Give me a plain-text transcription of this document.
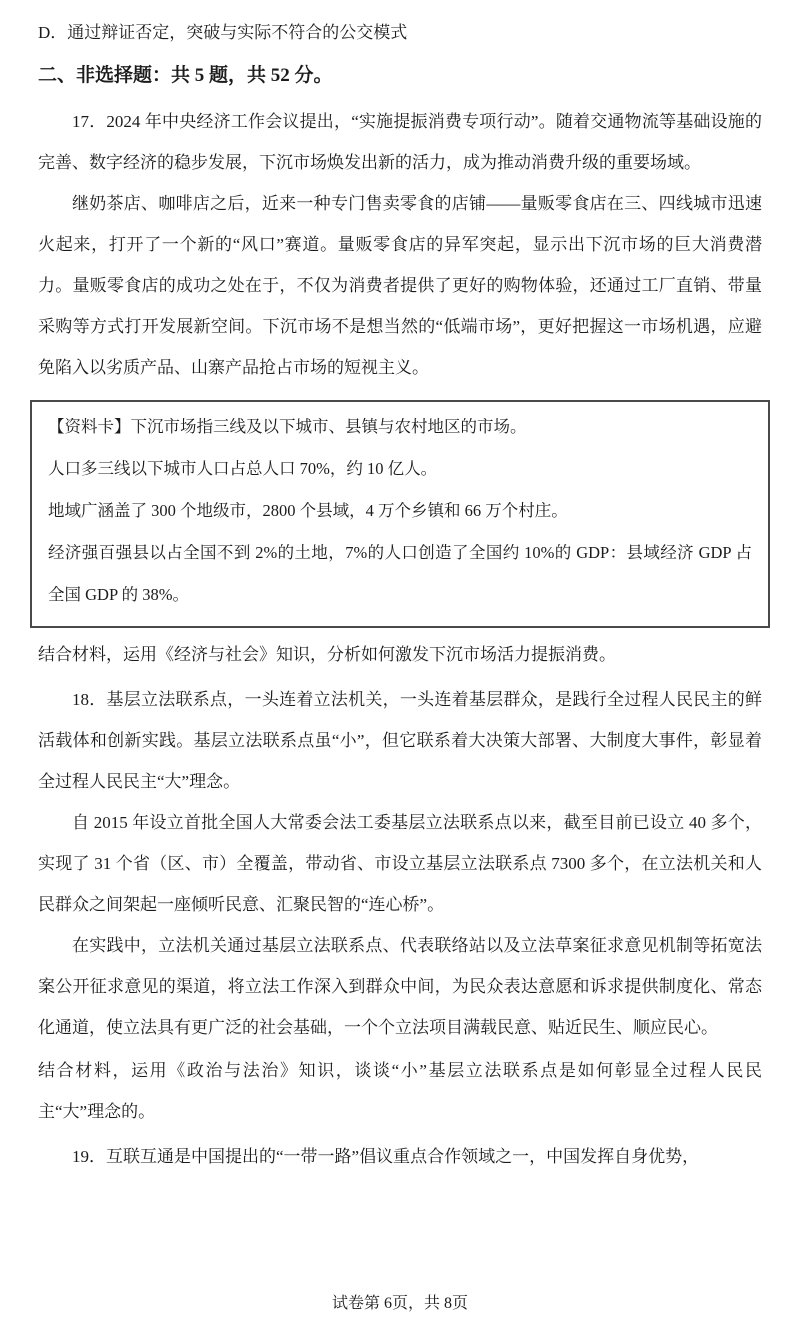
D．通过辩证否定，突破与实际不符合的公交模式

二、非选择题：共 5 题，共 52 分。

17．2024 年中央经济工作会议提出，“实施提振消费专项行动”。随着交通物流等基础设施的完善、数字经济的稳步发展，下沉市场焕发出新的活力，成为推动消费升级的重要场域。

继奶茶店、咖啡店之后，近来一种专门售卖零食的店铺——量贩零食店在三、四线城市迅速火起来，打开了一个新的“风口”赛道。量贩零食店的异军突起，显示出下沉市场的巨大消费潜力。量贩零食店的成功之处在于，不仅为消费者提供了更好的购物体验，还通过工厂直销、带量采购等方式打开发展新空间。下沉市场不是想当然的“低端市场”，更好把握这一市场机遇，应避免陷入以劣质产品、山寨产品抢占市场的短视主义。

【资料卡】下沉市场指三线及以下城市、县镇与农村地区的市场。

人口多三线以下城市人口占总人口 70%，约 10 亿人。

地域广涵盖了 300 个地级市，2800 个县域，4 万个乡镇和 66 万个村庄。

经济强百强县以占全国不到 2%的土地，7%的人口创造了全国约 10%的 GDP：县域经济 GDP 占全国 GDP 的 38%。

结合材料，运用《经济与社会》知识，分析如何激发下沉市场活力提振消费。

18．基层立法联系点，一头连着立法机关，一头连着基层群众，是践行全过程人民民主的鲜活载体和创新实践。基层立法联系点虽“小”，但它联系着大决策大部署、大制度大事件，彰显着全过程人民民主“大”理念。

自 2015 年设立首批全国人大常委会法工委基层立法联系点以来，截至目前已设立 40 多个，实现了 31 个省（区、市）全覆盖，带动省、市设立基层立法联系点 7300 多个，在立法机关和人民群众之间架起一座倾听民意、汇聚民智的“连心桥”。

在实践中，立法机关通过基层立法联系点、代表联络站以及立法草案征求意见机制等拓宽法案公开征求意见的渠道，将立法工作深入到群众中间，为民众表达意愿和诉求提供制度化、常态化通道，使立法具有更广泛的社会基础，一个个立法项目满载民意、贴近民生、顺应民心。

结合材料，运用《政治与法治》知识，谈谈“小”基层立法联系点是如何彰显全过程人民民主“大”理念的。

19．互联互通是中国提出的“一带一路”倡议重点合作领域之一，中国发挥自身优势，

试卷第 6页，共 8页
